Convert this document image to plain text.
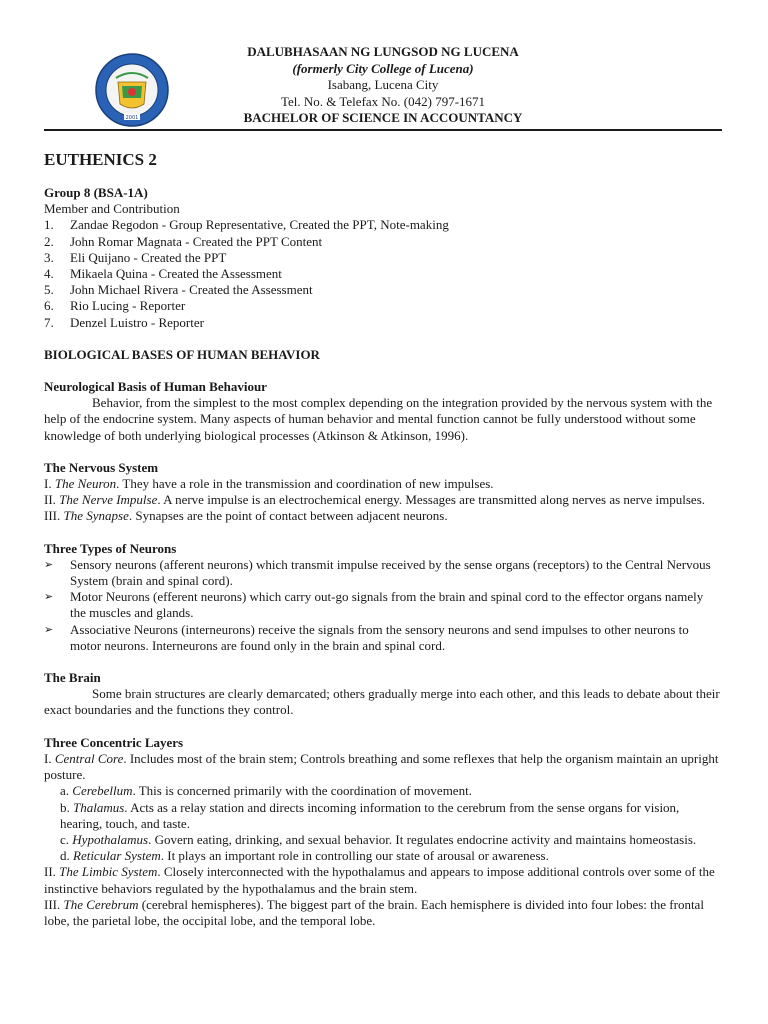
2001
DALUBHASAAN NG LUNGSOD NG LUCENA
(formerly City College of Lucena)
Isabang, Lucena City
Tel. No. & Telefax No. (042) 797-1671
BACHELOR OF SCIENCE IN ACCOUNTANCY
EUTHENICS 2
Group 8 (BSA-1A)
Member and Contribution
1. Zandae Regodon - Group Representative, Created the PPT, Note-making
2. John Romar Magnata - Created the PPT Content
3. Eli Quijano - Created the PPT
4. Mikaela Quina - Created the Assessment
5. John Michael Rivera - Created the Assessment
6. Rio Lucing - Reporter
7. Denzel Luistro - Reporter
BIOLOGICAL BASES OF HUMAN BEHAVIOR
Neurological Basis of Human Behaviour

Behavior, from the simplest to the most complex depending on the integration provided by the nervous system with the help of the endocrine system. Many aspects of human behavior and mental function cannot be fully understood without some knowledge of both underlying biological processes (Atkinson & Atkinson, 1996).

The Nervous System

I. The Neuron. They have a role in the transmission and coordination of new impulses.

II. The Nerve Impulse. A nerve impulse is an electrochemical energy. Messages are transmitted along nerves as nerve impulses.

III. The Synapse. Synapses are the point of contact between adjacent neurons.

Three Types of Neurons
➢ Sensory neurons (afferent neurons) which transmit impulse received by the sense organs (receptors) to the Central Nervous System (brain and spinal cord).
➢ Motor Neurons (efferent neurons) which carry out-go signals from the brain and spinal cord to the effector organs namely the muscles and glands.
➢ Associative Neurons (interneurons) receive the signals from the sensory neurons and send impulses to other neurons to motor neurons. Interneurons are found only in the brain and spinal cord.
The Brain

Some brain structures are clearly demarcated; others gradually merge into each other, and this leads to debate about their exact boundaries and the functions they control.

Three Concentric Layers

I. Central Core. Includes most of the brain stem; Controls breathing and some reflexes that help the organism maintain an upright posture.

a. Cerebellum. This is concerned primarily with the coordination of movement.

b. Thalamus. Acts as a relay station and directs incoming information to the cerebrum from the sense organs for vision, hearing, touch, and taste.

c. Hypothalamus. Govern eating, drinking, and sexual behavior. It regulates endocrine activity and maintains homeostasis.

d. Reticular System. It plays an important role in controlling our state of arousal or awareness.

II. The Limbic System. Closely interconnected with the hypothalamus and appears to impose additional controls over some of the instinctive behaviors regulated by the hypothalamus and the brain stem.

III. The Cerebrum (cerebral hemispheres). The biggest part of the brain. Each hemisphere is divided into four lobes: the frontal lobe, the parietal lobe, the occipital lobe, and the temporal lobe.
